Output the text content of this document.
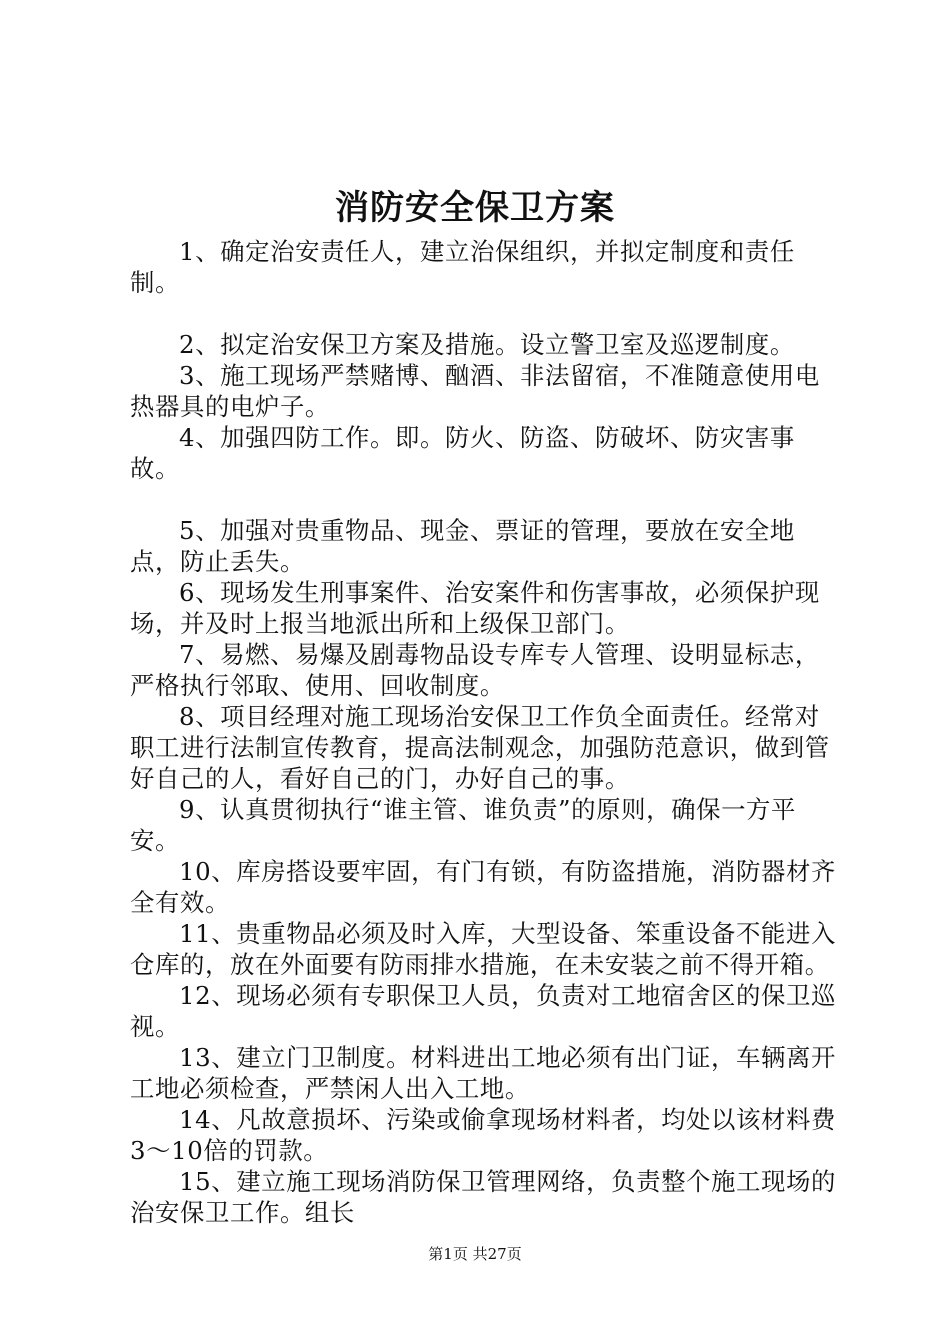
消防安全保卫方案

1、确定治安责任人，建立治保组织，并拟定制度和责任制。

2、拟定治安保卫方案及措施。设立警卫室及巡逻制度。

3、施工现场严禁赌博、酗酒、非法留宿，不准随意使用电热器具的电炉子。

4、加强四防工作。即。防火、防盗、防破坏、防灾害事故。

5、加强对贵重物品、现金、票证的管理，要放在安全地点，防止丢失。

6、现场发生刑事案件、治安案件和伤害事故，必须保护现场，并及时上报当地派出所和上级保卫部门。

7、易燃、易爆及剧毒物品设专库专人管理、设明显标志，严格执行邻取、使用、回收制度。

8、项目经理对施工现场治安保卫工作负全面责任。经常对职工进行法制宣传教育，提高法制观念，加强防范意识，做到管好自己的人，看好自己的门，办好自己的事。

9、认真贯彻执行“谁主管、谁负责”的原则，确保一方平安。

10、库房搭设要牢固，有门有锁，有防盗措施，消防器材齐全有效。

11、贵重物品必须及时入库，大型设备、笨重设备不能进入仓库的，放在外面要有防雨排水措施，在未安装之前不得开箱。

12、现场必须有专职保卫人员，负责对工地宿舍区的保卫巡视。

13、建立门卫制度。材料进出工地必须有出门证，车辆离开工地必须检查，严禁闲人出入工地。

14、凡故意损坏、污染或偷拿现场材料者，均处以该材料费3～10倍的罚款。

15、建立施工现场消防保卫管理网络，负责整个施工现场的治安保卫工作。组长

第1页 共27页
